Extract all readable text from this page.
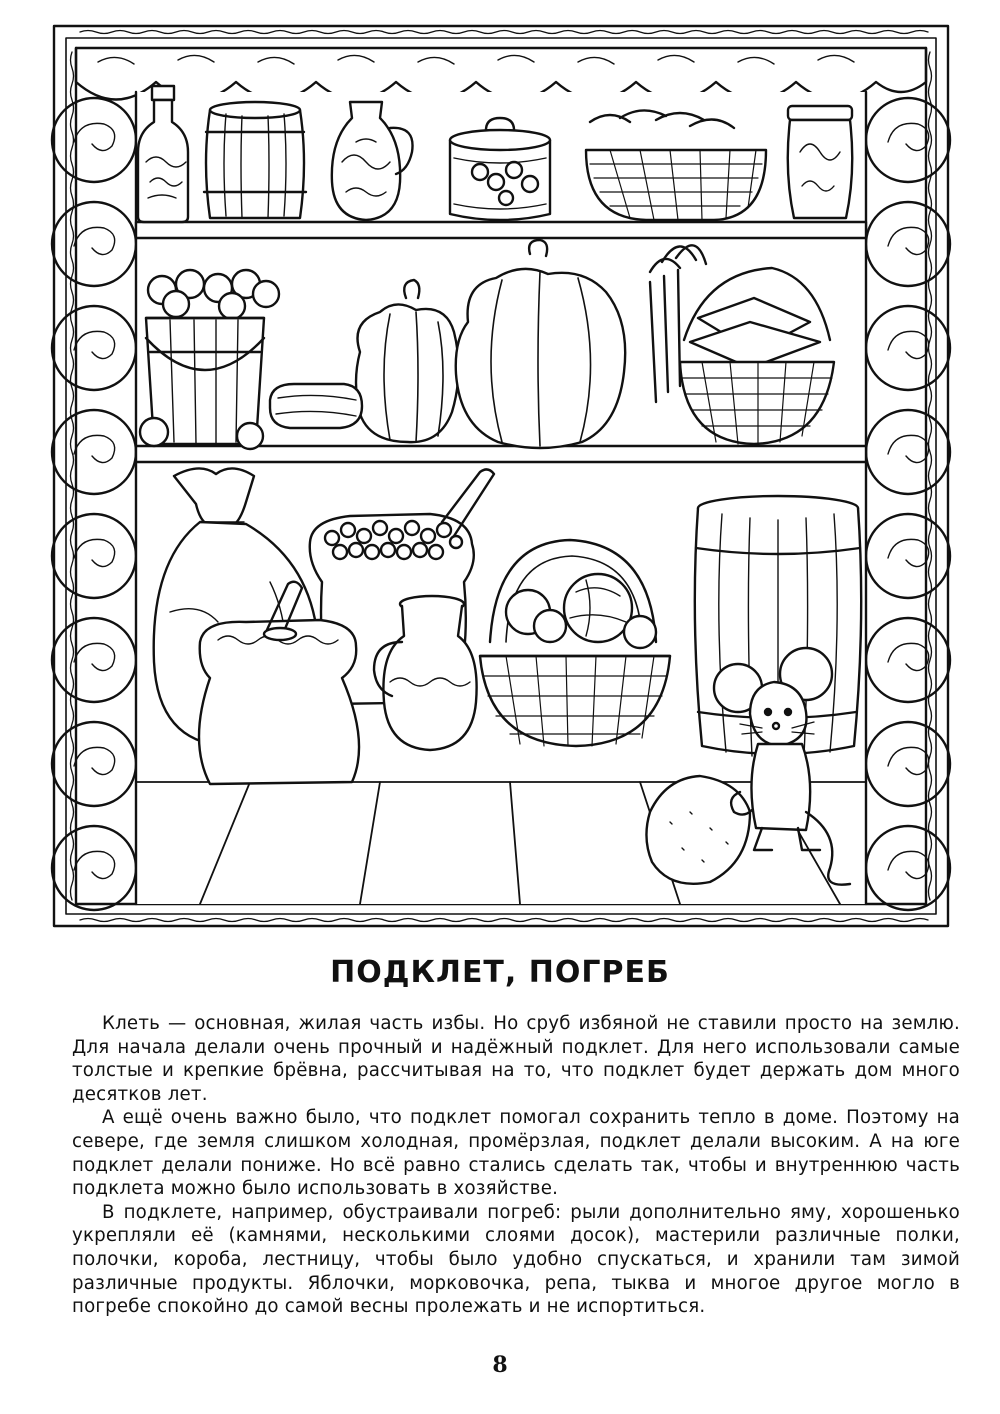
ПОДКЛЕТ, ПОГРЕБ

Клеть — основная, жилая часть избы. Но сруб избяной не ставили просто на землю. Для начала делали очень прочный и надёжный подклет. Для него использовали самые толстые и крепкие брёвна, рассчитывая на то, что подклет будет держать дом много десятков лет.

А ещё очень важно было, что подклет помогал сохранить тепло в доме. Поэтому на севере, где земля слишком холодная, промёрзлая, подклет делали высоким. А на юге подклет делали пониже. Но всё равно стались сделать так, чтобы и внутреннюю часть подклета можно было использовать в хозяйстве.

В подклете, например, обустраивали погреб: рыли дополнительно яму, хорошенько укрепляли её (камнями, несколькими слоями досок), мастерили различные полки, полочки, короба, лестницу, чтобы было удобно спускаться, и хранили там зимой различные продукты. Яблочки, морковочка, репа, тыква и многое другое могло в погребе спокойно до самой весны пролежать и не испортиться.

8
